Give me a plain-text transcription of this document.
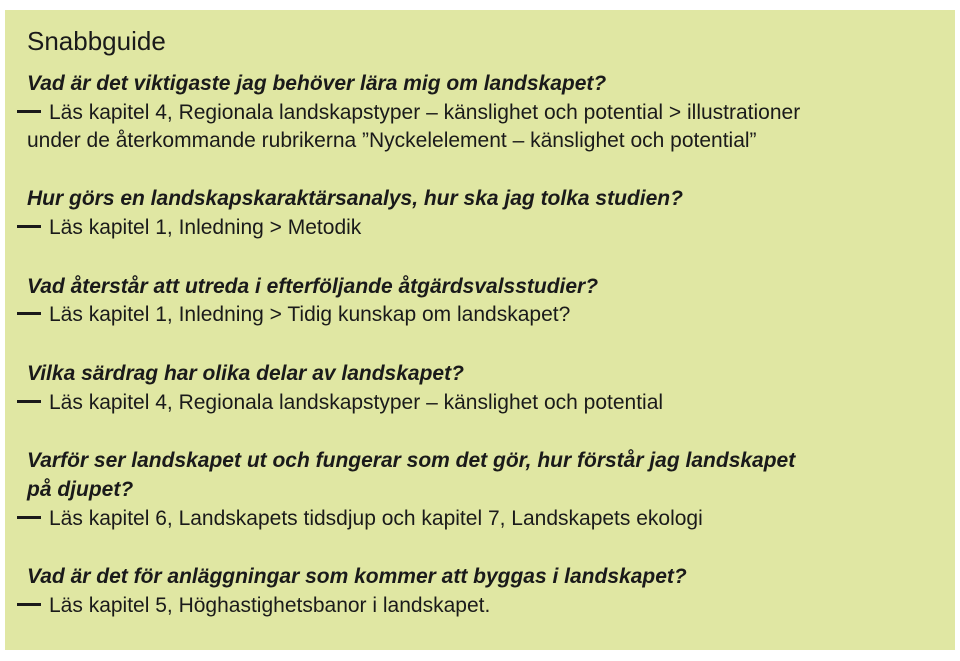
Snabbguide
Vad är det viktigaste jag behöver lära mig om landskapet?
Läs kapitel 4, Regionala landskapstyper – känslighet och potential > illustrationer
under de återkommande rubrikerna ”Nyckelelement – känslighet och potential”
Hur görs en landskapskaraktärsanalys, hur ska jag tolka studien?
Läs kapitel 1, Inledning > Metodik
Vad återstår att utreda i efterföljande åtgärdsvalsstudier?
Läs kapitel 1, Inledning > Tidig kunskap om landskapet?
Vilka särdrag har olika delar av landskapet?
Läs kapitel 4, Regionala landskapstyper – känslighet och potential
Varför ser landskapet ut och fungerar som det gör, hur förstår jag landskapet
på djupet?
Läs kapitel 6, Landskapets tidsdjup och kapitel 7, Landskapets ekologi
Vad är det för anläggningar som kommer att byggas i landskapet?
Läs kapitel 5, Höghastighetsbanor i landskapet.
